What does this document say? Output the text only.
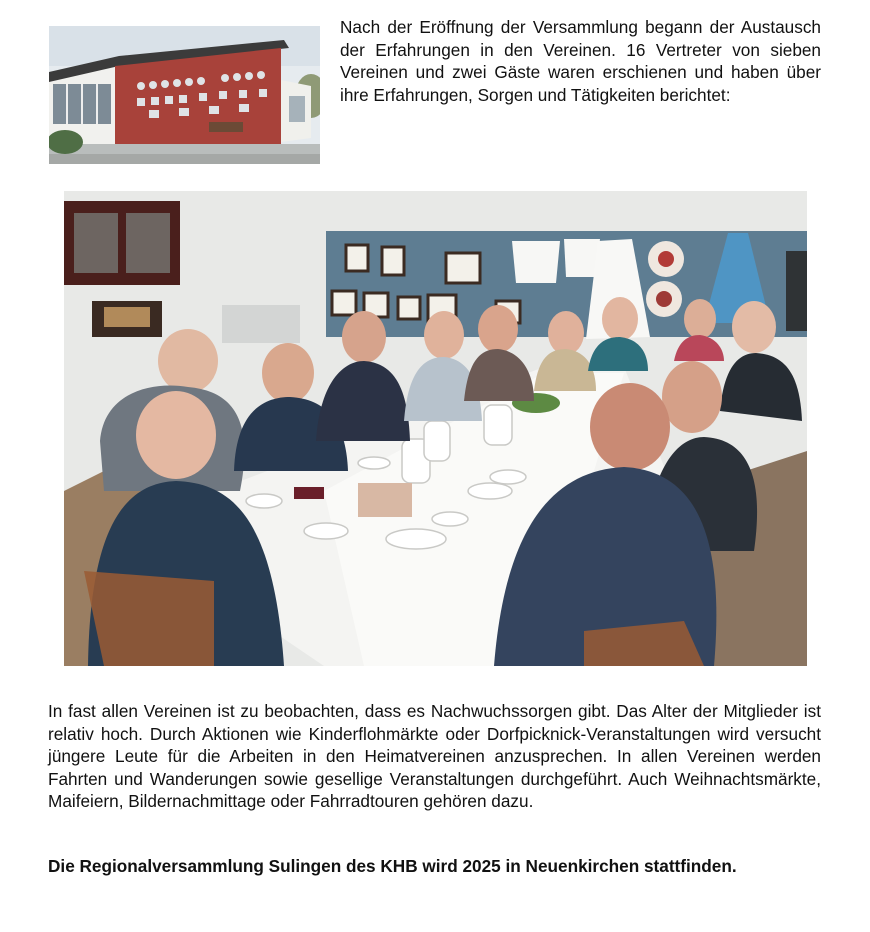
Nach der Eröffnung der Versammlung begann der Austausch der Erfahrungen in den Vereinen. 16 Vertreter von sieben Vereinen und zwei Gäste waren erschienen und haben über ihre Erfahrungen, Sorgen und Tätigkeiten berichtet:

In fast allen Vereinen ist zu beobachten, dass es Nachwuchssorgen gibt. Das Alter der Mitglieder ist relativ hoch. Durch Aktionen wie Kinderflohmärkte oder Dorfpicknick-Veranstaltungen wird versucht jüngere Leute für die Arbeiten in den Heimatvereinen anzusprechen. In allen Vereinen werden Fahrten und Wanderungen sowie gesellige Veranstaltungen durchgeführt. Auch Weihnachtsmärkte, Maifeiern, Bildernachmittage oder Fahrradtouren gehören dazu.

Die Regionalversammlung Sulingen des KHB wird 2025 in Neuenkirchen stattfinden.
